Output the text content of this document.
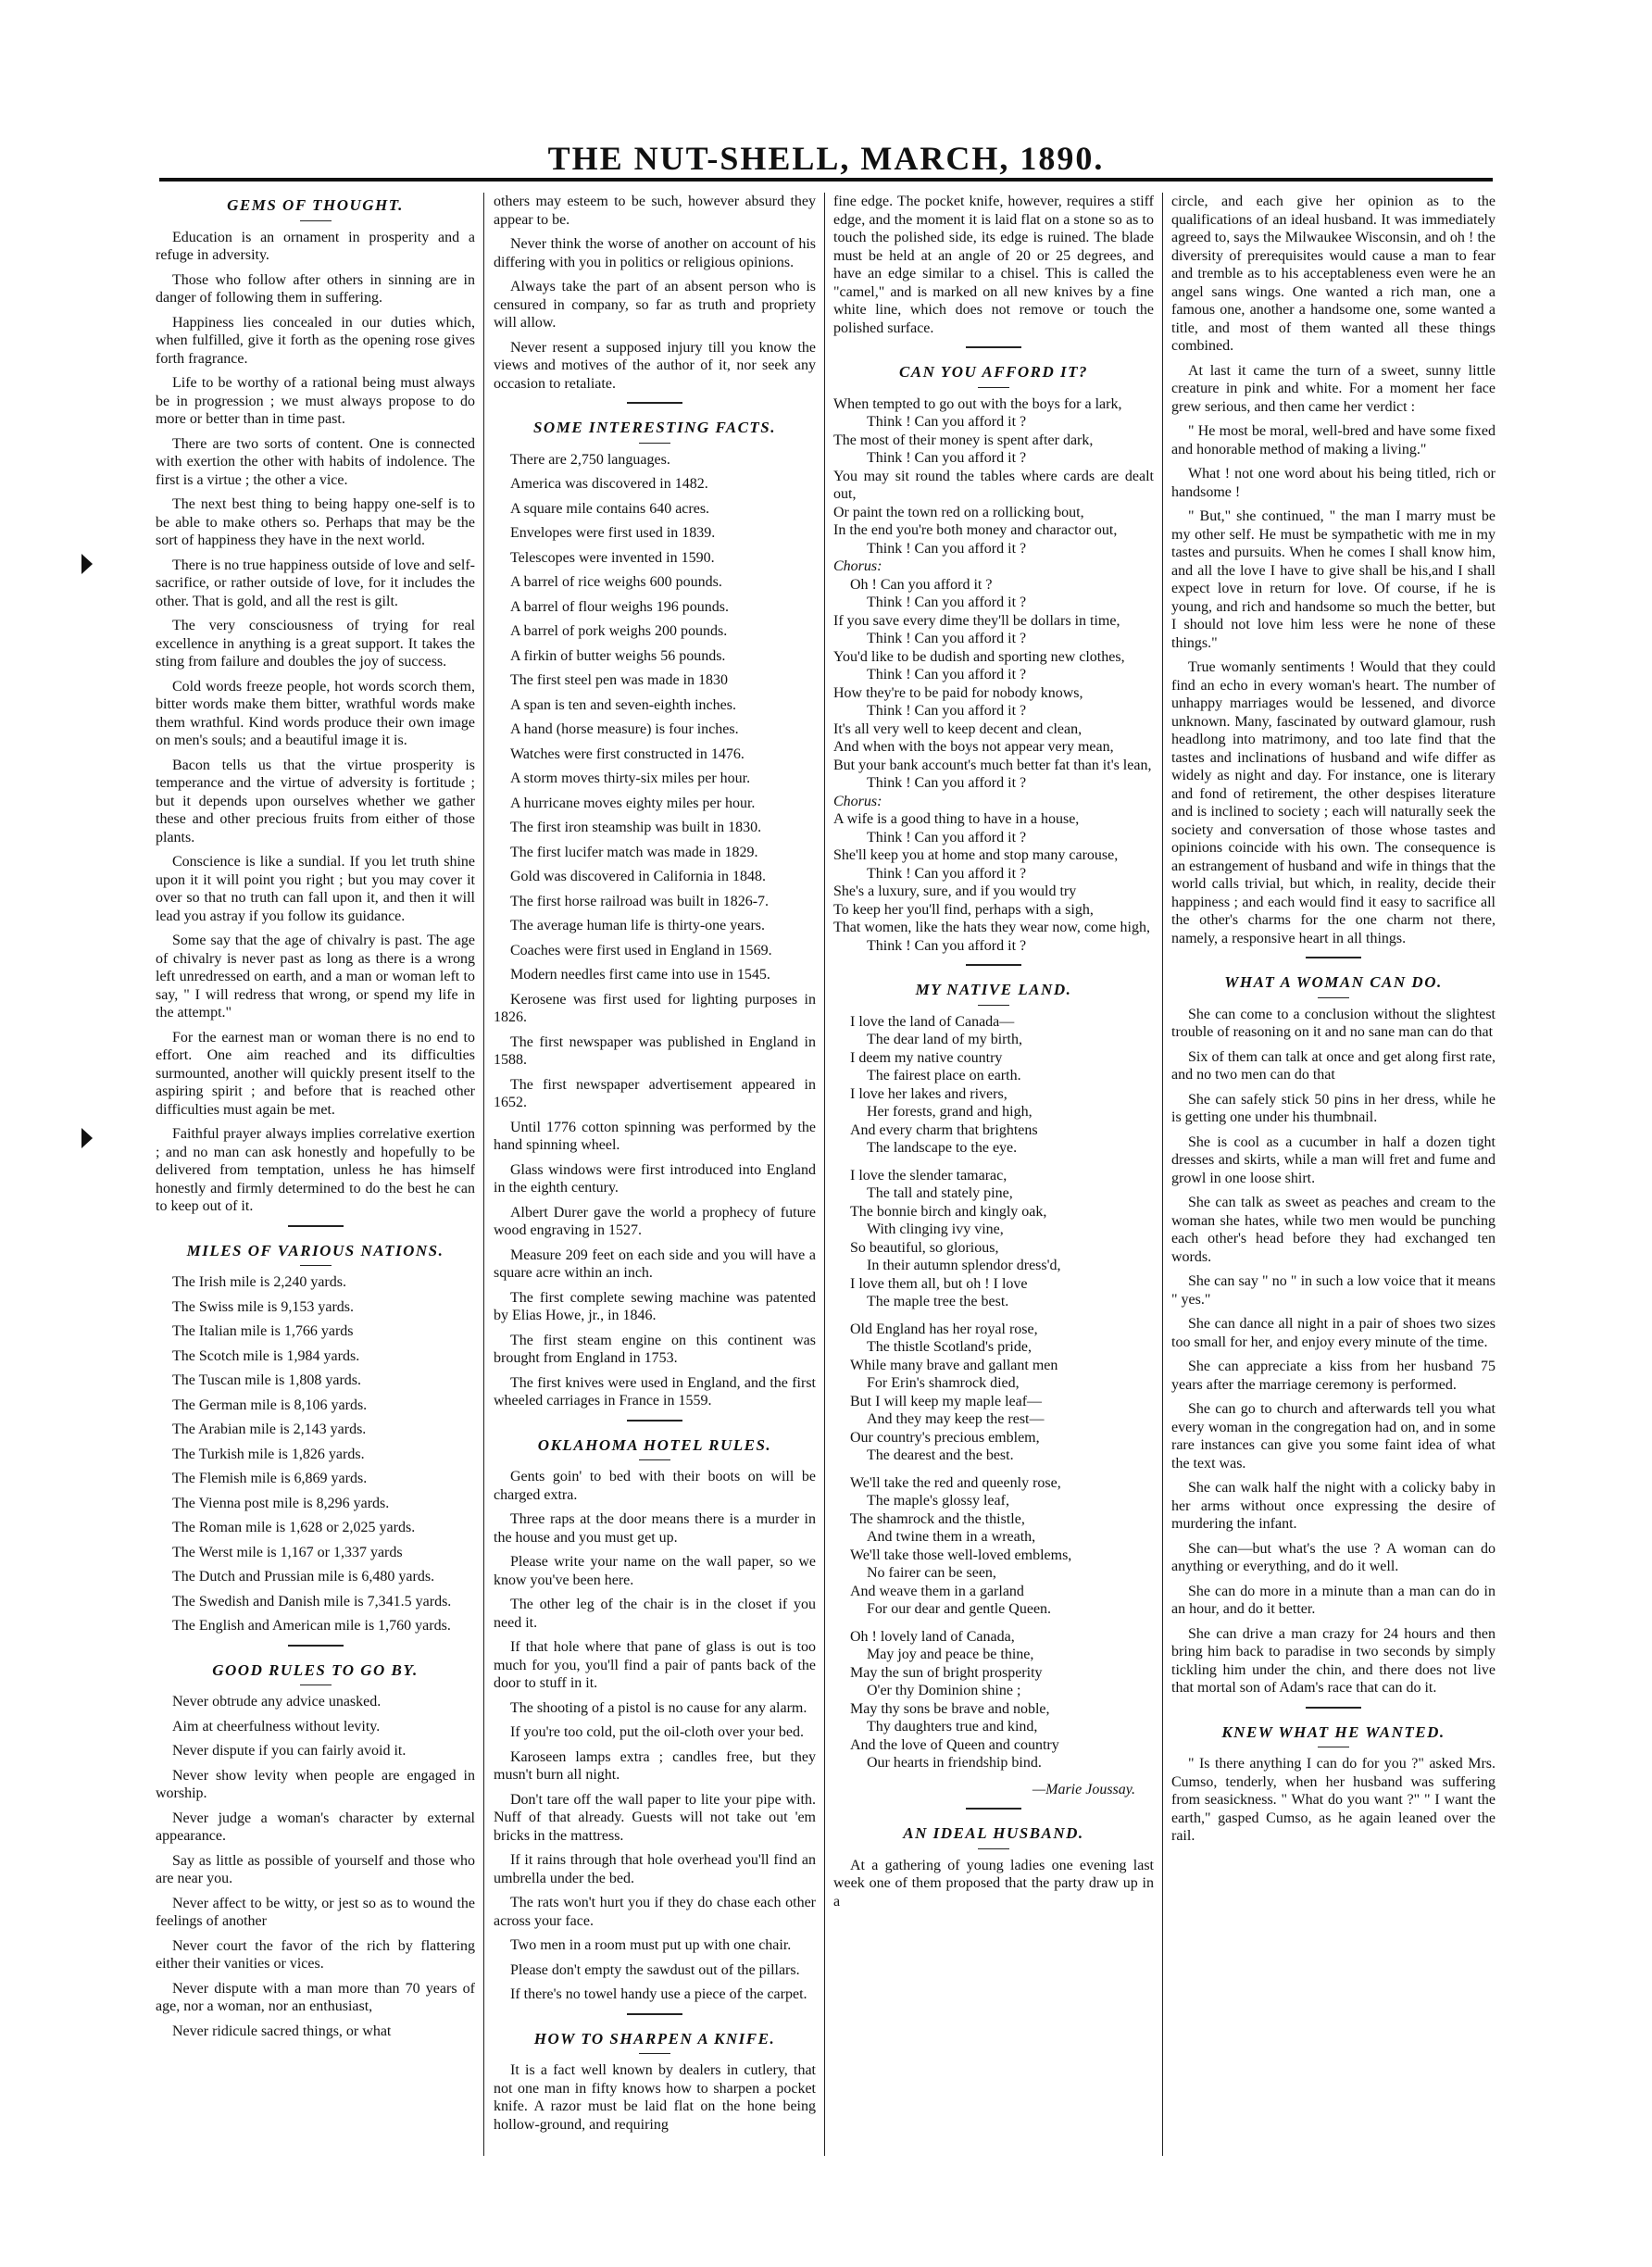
THE NUT-SHELL, MARCH, 1890.
GEMS OF THOUGHT.

Education is an ornament in prosperity and a refuge in adversity.

Those who follow after others in sinning are in danger of following them in suffering.

Happiness lies concealed in our duties which, when fulfilled, give it forth as the opening rose gives forth fragrance.

Life to be worthy of a rational being must always be in progression ; we must always propose to do more or better than in time past.

There are two sorts of content. One is connected with exertion the other with habits of indolence. The first is a virtue ; the other a vice.

The next best thing to being happy one-self is to be able to make others so. Perhaps that may be the sort of happiness they have in the next world.

There is no true happiness outside of love and self-sacrifice, or rather outside of love, for it includes the other. That is gold, and all the rest is gilt.

The very consciousness of trying for real excellence in anything is a great support. It takes the sting from failure and doubles the joy of success.

Cold words freeze people, hot words scorch them, bitter words make them bitter, wrathful words make them wrathful. Kind words produce their own image on men's souls; and a beautiful image it is.

Bacon tells us that the virtue prosperity is temperance and the virtue of adversity is fortitude ; but it depends upon ourselves whether we gather these and other precious fruits from either of those plants.

Conscience is like a sundial. If you let truth shine upon it it will point you right ; but you may cover it over so that no truth can fall upon it, and then it will lead you astray if you follow its guidance.

Some say that the age of chivalry is past. The age of chivalry is never past as long as there is a wrong left unredressed on earth, and a man or woman left to say, " I will redress that wrong, or spend my life in the attempt."

For the earnest man or woman there is no end to effort. One aim reached and its difficulties surmounted, another will quickly present itself to the aspiring spirit ; and before that is reached other difficulties must again be met.

Faithful prayer always implies correlative exertion ; and no man can ask honestly and hopefully to be delivered from temptation, unless he has himself honestly and firmly determined to do the best he can to keep out of it.

MILES OF VARIOUS NATIONS.

The Irish mile is 2,240 yards.

The Swiss mile is 9,153 yards.

The Italian mile is 1,766 yards

The Scotch mile is 1,984 yards.

The Tuscan mile is 1,808 yards.

The German mile is 8,106 yards.

The Arabian mile is 2,143 yards.

The Turkish mile is 1,826 yards.

The Flemish mile is 6,869 yards.

The Vienna post mile is 8,296 yards.

The Roman mile is 1,628 or 2,025 yards.

The Werst mile is 1,167 or 1,337 yards

The Dutch and Prussian mile is 6,480 yards.

The Swedish and Danish mile is 7,341.5 yards.

The English and American mile is 1,760 yards.

GOOD RULES TO GO BY.

Never obtrude any advice unasked.

Aim at cheerfulness without levity.

Never dispute if you can fairly avoid it.

Never show levity when people are engaged in worship.

Never judge a woman's character by external appearance.

Say as little as possible of yourself and those who are near you.

Never affect to be witty, or jest so as to wound the feelings of another

Never court the favor of the rich by flattering either their vanities or vices.

Never dispute with a man more than 70 years of age, nor a woman, nor an enthusiast,

Never ridicule sacred things, or what

others may esteem to be such, however absurd they appear to be.

Never think the worse of another on account of his differing with you in politics or religious opinions.

Always take the part of an absent person who is censured in company, so far as truth and propriety will allow.

Never resent a supposed injury till you know the views and motives of the author of it, nor seek any occasion to retaliate.

SOME INTERESTING FACTS.

There are 2,750 languages.

America was discovered in 1482.

A square mile contains 640 acres.

Envelopes were first used in 1839.

Telescopes were invented in 1590.

A barrel of rice weighs 600 pounds.

A barrel of flour weighs 196 pounds.

A barrel of pork weighs 200 pounds.

A firkin of butter weighs 56 pounds.

The first steel pen was made in 1830

A span is ten and seven-eighth inches.

A hand (horse measure) is four inches.

Watches were first constructed in 1476.

A storm moves thirty-six miles per hour.

A hurricane moves eighty miles per hour.

The first iron steamship was built in 1830.

The first lucifer match was made in 1829.

Gold was discovered in California in 1848.

The first horse railroad was built in 1826-7.

The average human life is thirty-one years.

Coaches were first used in England in 1569.

Modern needles first came into use in 1545.

Kerosene was first used for lighting purposes in 1826.

The first newspaper was published in England in 1588.

The first newspaper advertisement appeared in 1652.

Until 1776 cotton spinning was performed by the hand spinning wheel.

Glass windows were first introduced into England in the eighth century.

Albert Durer gave the world a prophecy of future wood engraving in 1527.

Measure 209 feet on each side and you will have a square acre within an inch.

The first complete sewing machine was patented by Elias Howe, jr., in 1846.

The first steam engine on this continent was brought from England in 1753.

The first knives were used in England, and the first wheeled carriages in France in 1559.

OKLAHOMA HOTEL RULES.

Gents goin' to bed with their boots on will be charged extra.

Three raps at the door means there is a murder in the house and you must get up.

Please write your name on the wall paper, so we know you've been here.

The other leg of the chair is in the closet if you need it.

If that hole where that pane of glass is out is too much for you, you'll find a pair of pants back of the door to stuff in it.

The shooting of a pistol is no cause for any alarm.

If you're too cold, put the oil-cloth over your bed.

Karoseen lamps extra ; candles free, but they musn't burn all night.

Don't tare off the wall paper to lite your pipe with. Nuff of that already. Guests will not take out 'em bricks in the mattress.

If it rains through that hole overhead you'll find an umbrella under the bed.

The rats won't hurt you if they do chase each other across your face.

Two men in a room must put up with one chair.

Please don't empty the sawdust out of the pillars.

If there's no towel handy use a piece of the carpet.

HOW TO SHARPEN A KNIFE.

It is a fact well known by dealers in cutlery, that not one man in fifty knows how to sharpen a pocket knife. A razor must be laid flat on the hone being hollow-ground, and requiring

fine edge. The pocket knife, however, requires a stiff edge, and the moment it is laid flat on a stone so as to touch the polished side, its edge is ruined. The blade must be held at an angle of 20 or 25 degrees, and have an edge similar to a chisel. This is called the "camel," and is marked on all new knives by a fine white line, which does not remove or touch the polished surface.

CAN YOU AFFORD IT?
When tempted to go out with the boys for a lark,
Think ! Can you afford it ?
The most of their money is spent after dark,
Think ! Can you afford it ?
You may sit round the tables where cards are dealt out,
Or paint the town red on a rollicking bout,
In the end you're both money and charactor out,
Think ! Can you afford it ?
Chorus:
Oh ! Can you afford it ?
Think ! Can you afford it ?
If you save every dime they'll be dollars in time,
Think ! Can you afford it ?
You'd like to be dudish and sporting new clothes,
Think ! Can you afford it ?
How they're to be paid for nobody knows,
Think ! Can you afford it ?
It's all very well to keep decent and clean,
And when with the boys not appear very mean,
But your bank account's much better fat than it's lean,
Think ! Can you afford it ?
Chorus:
A wife is a good thing to have in a house,
Think ! Can you afford it ?
She'll keep you at home and stop many carouse,
Think ! Can you afford it ?
She's a luxury, sure, and if you would try
To keep her you'll find, perhaps with a sigh,
That women, like the hats they wear now, come high,
Think ! Can you afford it ?
MY NATIVE LAND.
I love the land of Canada—
The dear land of my birth,
I deem my native country
The fairest place on earth.
I love her lakes and rivers,
Her forests, grand and high,
And every charm that brightens
The landscape to the eye.
I love the slender tamarac,
The tall and stately pine,
The bonnie birch and kingly oak,
With clinging ivy vine,
So beautiful, so glorious,
In their autumn splendor dress'd,
I love them all, but oh ! I love
The maple tree the best.
Old England has her royal rose,
The thistle Scotland's pride,
While many brave and gallant men
For Erin's shamrock died,
But I will keep my maple leaf—
And they may keep the rest—
Our country's precious emblem,
The dearest and the best.
We'll take the red and queenly rose,
The maple's glossy leaf,
The shamrock and the thistle,
And twine them in a wreath,
We'll take those well-loved emblems,
No fairer can be seen,
And weave them in a garland
For our dear and gentle Queen.
Oh ! lovely land of Canada,
May joy and peace be thine,
May the sun of bright prosperity
O'er thy Dominion shine ;
May thy sons be brave and noble,
Thy daughters true and kind,
And the love of Queen and country
Our hearts in friendship bind.
—Marie Joussay.
AN IDEAL HUSBAND.

At a gathering of young ladies one evening last week one of them proposed that the party draw up in a

circle, and each give her opinion as to the qualifications of an ideal husband. It was immediately agreed to, says the Milwaukee Wisconsin, and oh ! the diversity of prerequisites would cause a man to fear and tremble as to his acceptableness even were he an angel sans wings. One wanted a rich man, one a famous one, another a handsome one, some wanted a title, and most of them wanted all these things combined.

At last it came the turn of a sweet, sunny little creature in pink and white. For a moment her face grew serious, and then came her verdict :

" He most be moral, well-bred and have some fixed and honorable method of making a living."

What ! not one word about his being titled, rich or handsome !

" But," she continued, " the man I marry must be my other self. He must be sympathetic with me in my tastes and pursuits. When he comes I shall know him, and all the love I have to give shall be his,and I shall expect love in return for love. Of course, if he is young, and rich and handsome so much the better, but I should not love him less were he none of these things."

True womanly sentiments ! Would that they could find an echo in every woman's heart. The number of unhappy marriages would be lessened, and divorce unknown. Many, fascinated by outward glamour, rush headlong into matrimony, and too late find that the tastes and inclinations of husband and wife differ as widely as night and day. For instance, one is literary and fond of retirement, the other despises literature and is inclined to society ; each will naturally seek the society and conversation of those whose tastes and opinions coincide with his own. The consequence is an estrangement of husband and wife in things that the world calls trivial, but which, in reality, decide their happiness ; and each would find it easy to sacrifice all the other's charms for the one charm not there, namely, a responsive heart in all things.

WHAT A WOMAN CAN DO.

She can come to a conclusion without the slightest trouble of reasoning on it and no sane man can do that

Six of them can talk at once and get along first rate, and no two men can do that

She can safely stick 50 pins in her dress, while he is getting one under his thumbnail.

She is cool as a cucumber in half a dozen tight dresses and skirts, while a man will fret and fume and growl in one loose shirt.

She can talk as sweet as peaches and cream to the woman she hates, while two men would be punching each other's head before they had exchanged ten words.

She can say " no " in such a low voice that it means " yes."

She can dance all night in a pair of shoes two sizes too small for her, and enjoy every minute of the time.

She can appreciate a kiss from her husband 75 years after the marriage ceremony is performed.

She can go to church and afterwards tell you what every woman in the congregation had on, and in some rare instances can give you some faint idea of what the text was.

She can walk half the night with a colicky baby in her arms without once expressing the desire of murdering the infant.

She can—but what's the use ? A woman can do anything or everything, and do it well.

She can do more in a minute than a man can do in an hour, and do it better.

She can drive a man crazy for 24 hours and then bring him back to paradise in two seconds by simply tickling him under the chin, and there does not live that mortal son of Adam's race that can do it.

KNEW WHAT HE WANTED.

" Is there anything I can do for you ?" asked Mrs. Cumso, tenderly, when her husband was suffering from seasickness. " What do you want ?" " I want the earth," gasped Cumso, as he again leaned over the rail.
